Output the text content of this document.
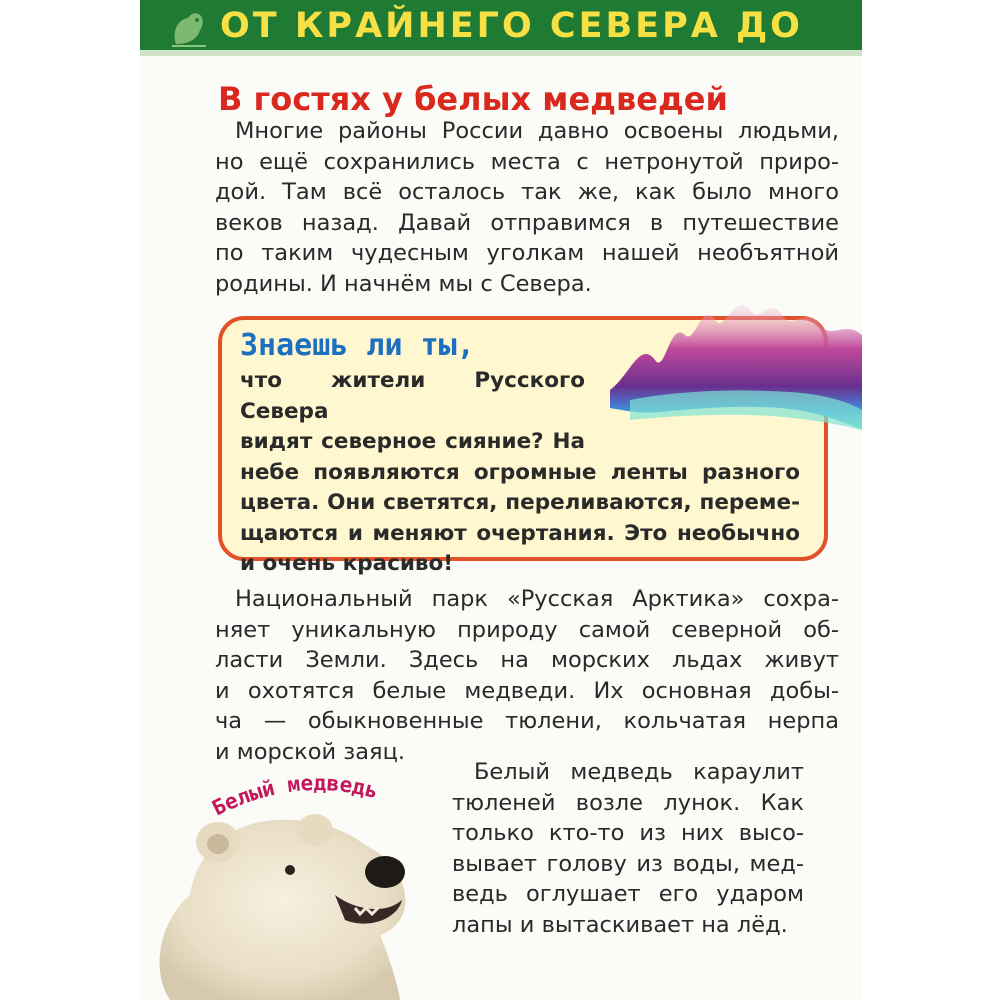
ОТ КРАЙНЕГО СЕВЕРА ДО
В гостях у белых медведей
Многие районы России давно освоены людьми,
но ещё сохранились места с нетронутой приро-
дой. Там всё осталось так же, как было много
веков назад. Давай отправимся в путешествие
по таким чудесным уголкам нашей необъятной
родины. И начнём мы с Севера.
Знаешь ли ты,
что жители Русского Севера
видят северное сияние? На
небе появляются огромные ленты разного
цвета. Они светятся, переливаются, переме-
щаются и меняют очертания. Это необычно
и очень красиво!
Национальный парк «Русская Арктика» сохра-
няет уникальную природу самой северной об-
ласти Земли. Здесь на морских льдах живут
и охотятся белые медведи. Их основная добы-
ча — обыкновенные тюлени, кольчатая нерпа
и морской заяц.
Белый медведь
Белый медведь караулит
тюленей возле лунок. Как
только кто-то из них высо-
вывает голову из воды, мед-
ведь оглушает его ударом
лапы и вытаскивает на лёд.
